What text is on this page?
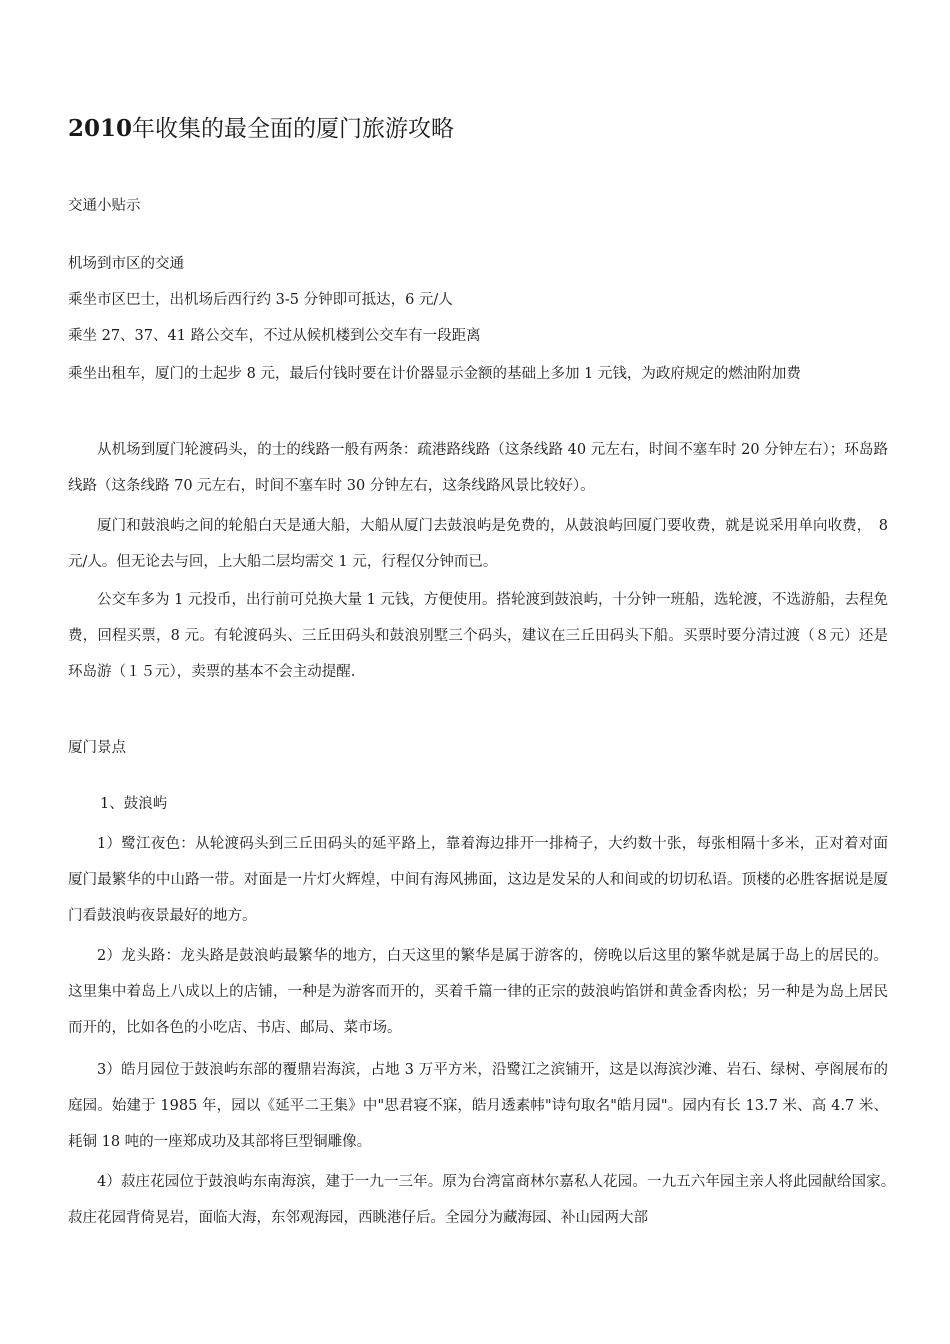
2010年收集的最全面的厦门旅游攻略

交通小贴示

机场到市区的交通

乘坐市区巴士，出机场后西行约 3-5 分钟即可抵达，6 元/人

乘坐 27、37、41 路公交车，不过从候机楼到公交车有一段距离

乘坐出租车，厦门的士起步 8 元，最后付钱时要在计价器显示金额的基础上多加 1 元钱，为政府规定的燃油附加费

从机场到厦门轮渡码头，的士的线路一般有两条：疏港路线路（这条线路 40 元左右，时间不塞车时 20 分钟左右）；环岛路线路（这条线路 70 元左右，时间不塞车时 30 分钟左右，这条线路风景比较好）。

厦门和鼓浪屿之间的轮船白天是通大船，大船从厦门去鼓浪屿是免费的，从鼓浪屿回厦门要收费，就是说采用单向收费，　8 元/人。但无论去与回，上大船二层均需交 1 元，行程仅分钟而已。

公交车多为 1 元投币，出行前可兑换大量 1 元钱，方便使用。搭轮渡到鼓浪屿，十分钟一班船，选轮渡，不选游船，去程免费，回程买票，8 元。有轮渡码头、三丘田码头和鼓浪别墅三个码头，建议在三丘田码头下船。买票时要分清过渡（８元）还是环岛游（１５元），卖票的基本不会主动提醒.

厦门景点

1、鼓浪屿

1）鹭江夜色：从轮渡码头到三丘田码头的延平路上，靠着海边排开一排椅子，大约数十张，每张相隔十多米，正对着对面厦门最繁华的中山路一带。对面是一片灯火辉煌，中间有海风拂面，这边是发呆的人和间或的切切私语。顶楼的必胜客据说是厦门看鼓浪屿夜景最好的地方。

2）龙头路：龙头路是鼓浪屿最繁华的地方，白天这里的繁华是属于游客的，傍晚以后这里的繁华就是属于岛上的居民的。这里集中着岛上八成以上的店铺，一种是为游客而开的，买着千篇一律的正宗的鼓浪屿馅饼和黄金香肉松；另一种是为岛上居民而开的，比如各色的小吃店、书店、邮局、菜市场。

3）皓月园位于鼓浪屿东部的覆鼎岩海滨，占地 3 万平方米，沿鹭江之滨铺开，这是以海滨沙滩、岩石、绿树、亭阁展布的庭园。始建于 1985 年，园以《延平二王集》中"思君寝不寐，皓月透素帏"诗句取名"皓月园"。园内有长 13.7 米、高 4.7 米、耗铜 18 吨的一座郑成功及其部将巨型铜雕像。

4）菽庄花园位于鼓浪屿东南海滨，建于一九一三年。原为台湾富商林尔嘉私人花园。一九五六年园主亲人将此园献给国家。　菽庄花园背倚晃岩，面临大海，东邻观海园，西眺港仔后。全园分为藏海园、补山园两大部
